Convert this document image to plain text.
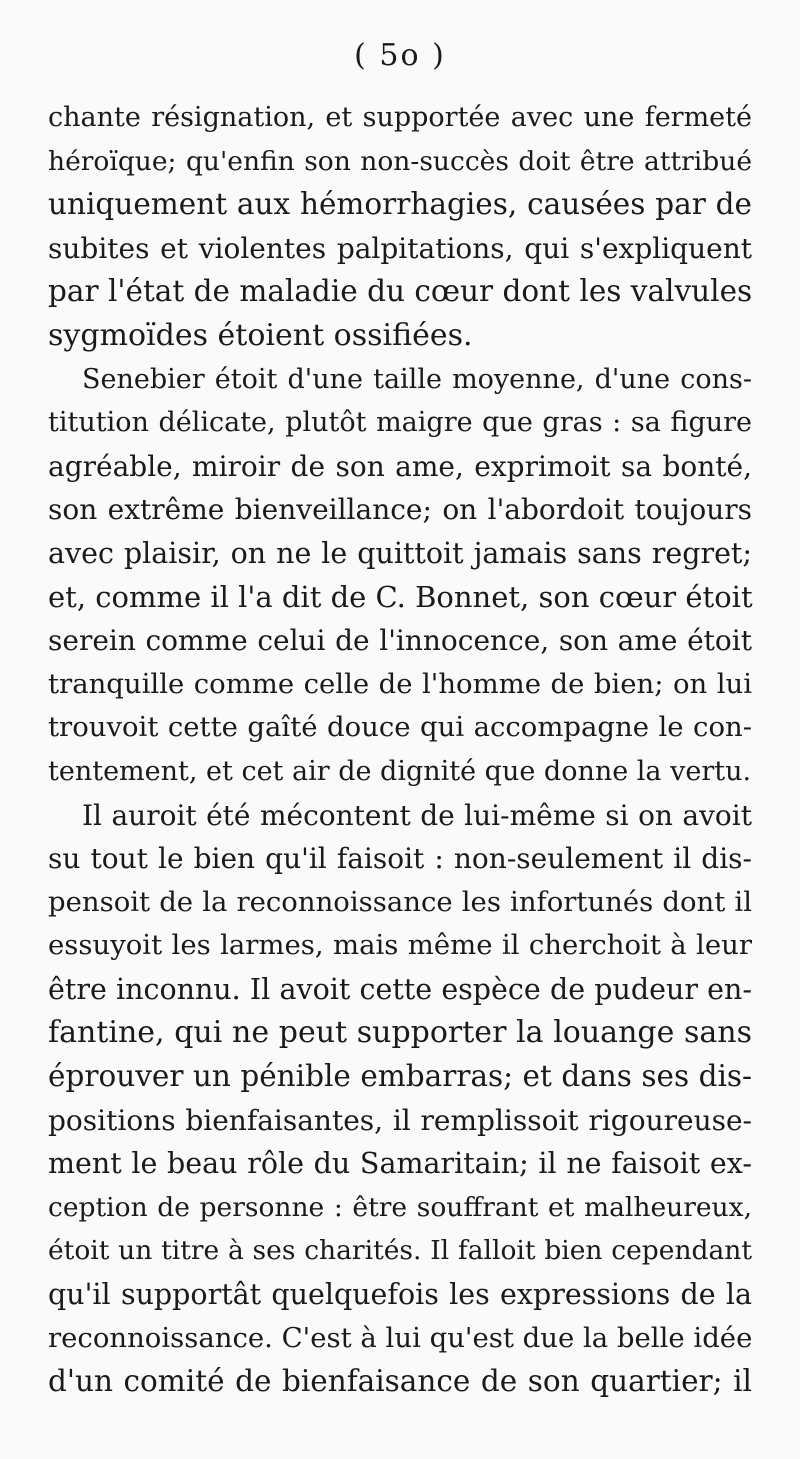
( 5o )
chante résignation, et supportée avec une fermeté
héroïque; qu'enfin son non-succès doit être attribué
uniquement aux hémorrhagies, causées par de
subites et violentes palpitations, qui s'expliquent
par l'état de maladie du cœur dont les valvules
sygmoïdes étoient ossifiées.
Senebier étoit d'une taille moyenne, d'une cons-
titution délicate, plutôt maigre que gras : sa figure
agréable, miroir de son ame, exprimoit sa bonté,
son extrême bienveillance; on l'abordoit toujours
avec plaisir, on ne le quittoit jamais sans regret;
et, comme il l'a dit de C. Bonnet, son cœur étoit
serein comme celui de l'innocence, son ame étoit
tranquille comme celle de l'homme de bien; on lui
trouvoit cette gaîté douce qui accompagne le con-
tentement, et cet air de dignité que donne la vertu.
Il auroit été mécontent de lui-même si on avoit
su tout le bien qu'il faisoit : non-seulement il dis-
pensoit de la reconnoissance les infortunés dont il
essuyoit les larmes, mais même il cherchoit à leur
être inconnu. Il avoit cette espèce de pudeur en-
fantine, qui ne peut supporter la louange sans
éprouver un pénible embarras; et dans ses dis-
positions bienfaisantes, il remplissoit rigoureuse-
ment le beau rôle du Samaritain; il ne faisoit ex-
ception de personne : être souffrant et malheureux,
étoit un titre à ses charités. Il falloit bien cependant
qu'il supportât quelquefois les expressions de la
reconnoissance. C'est à lui qu'est due la belle idée
d'un comité de bienfaisance de son quartier; il
